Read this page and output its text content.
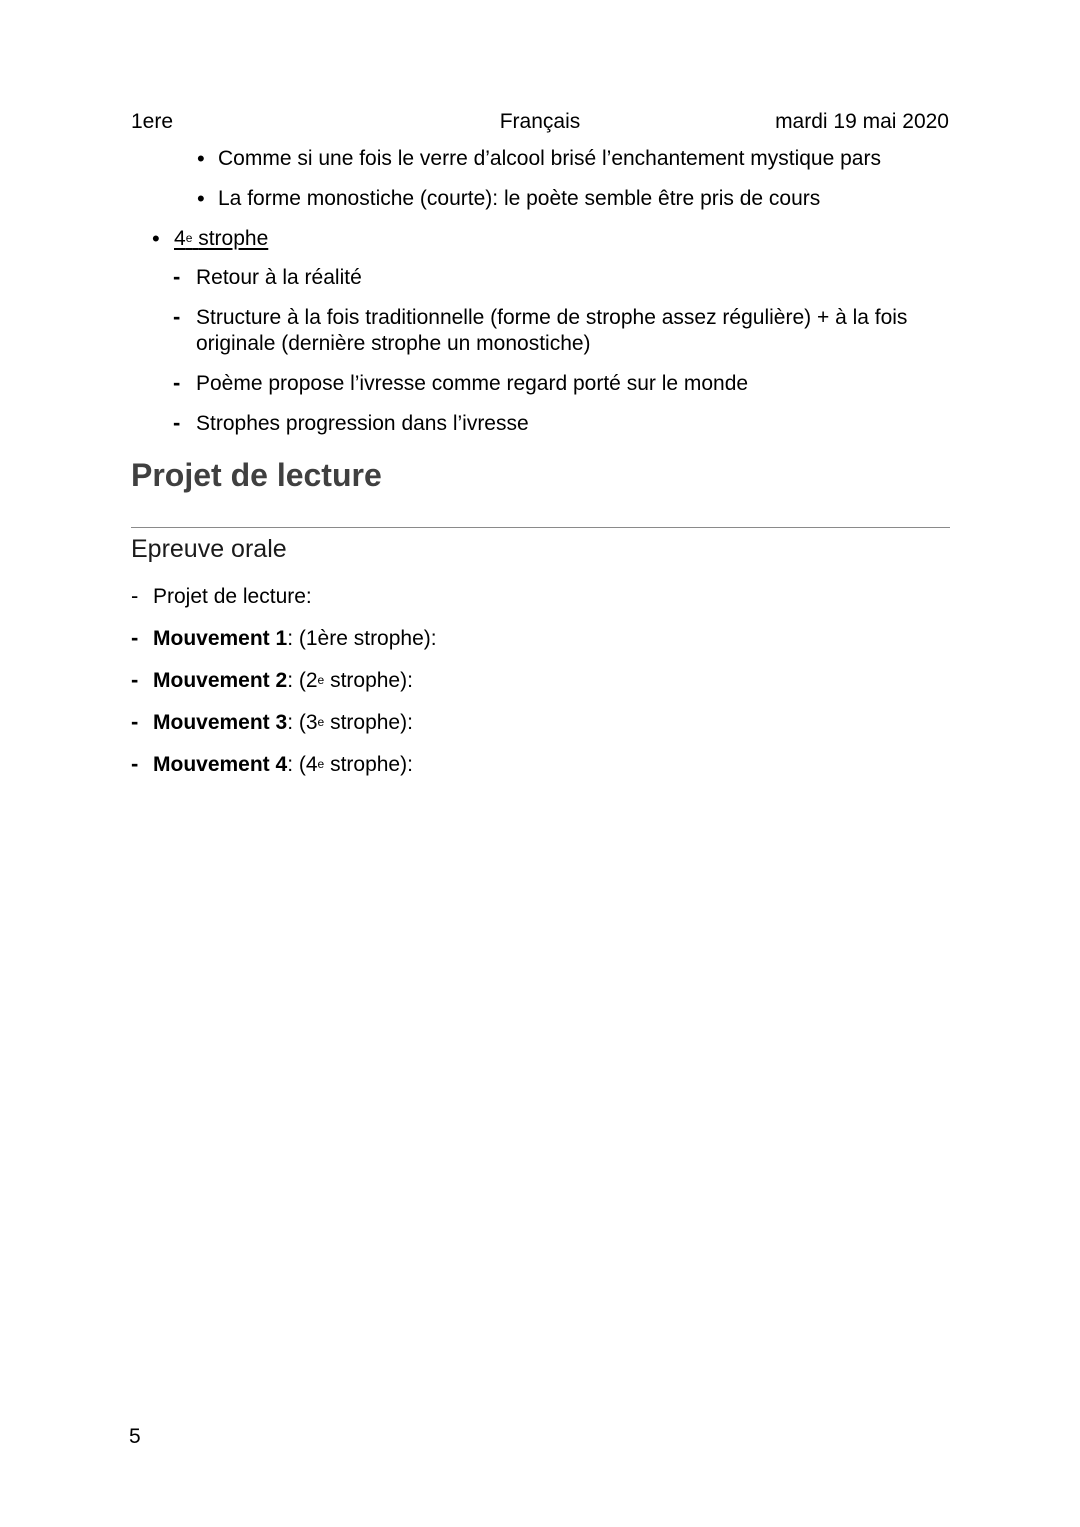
1ere	Français	mardi 19 mai 2020
• Comme si une fois le verre d’alcool brisé l’enchantement mystique pars
• La forme monostiche (courte): le poète semble être pris de cours
• 4e strophe
- Retour à la réalité
- Structure à la fois traditionnelle (forme de strophe assez régulière) + à la fois
originale (dernière strophe un monostiche)
- Poème propose l’ivresse comme regard porté sur le monde
- Strophes progression dans l’ivresse
Projet de lecture
Epreuve orale
- Projet de lecture:
- Mouvement 1: (1ère strophe):
- Mouvement 2: (2e strophe):
- Mouvement 3: (3e strophe):
- Mouvement 4: (4e strophe):
5
